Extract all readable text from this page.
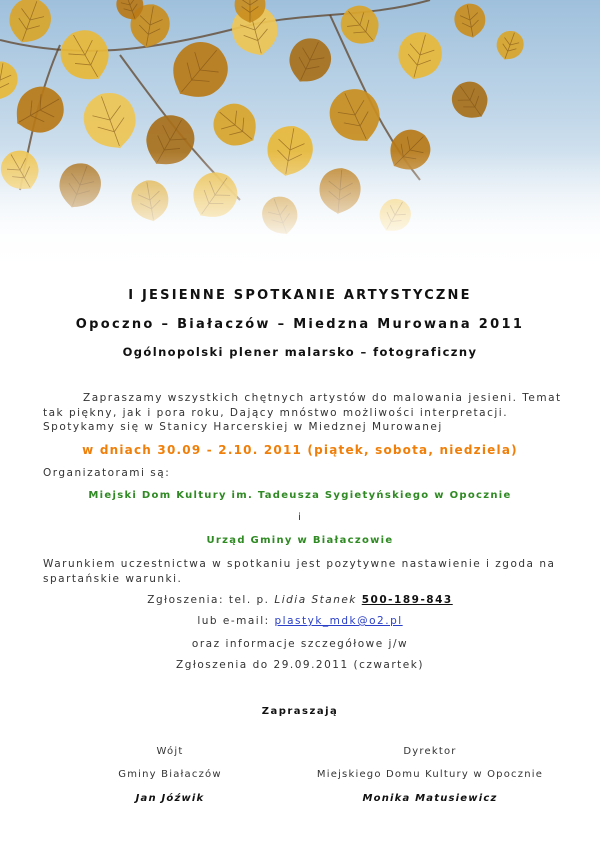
I JESIENNE SPOTKANIE ARTYSTYCZNE
Opoczno – Białaczów – Miedzna Murowana 2011
Ogólnopolski plener malarsko – fotograficzny
Zapraszamy wszystkich chętnych artystów do malowania jesieni. Temat
tak piękny, jak i pora roku, Dający mnóstwo możliwości interpretacji.
Spotykamy się w Stanicy Harcerskiej w Miedznej Murowanej
w dniach 30.09 - 2.10. 2011 (piątek, sobota, niedziela)
Organizatorami są:
Miejski Dom Kultury im. Tadeusza Sygietyńskiego w Opocznie
i
Urząd Gminy w Białaczowie
Warunkiem uczestnictwa w spotkaniu jest pozytywne nastawienie i zgoda na
spartańskie warunki.
Zgłoszenia: tel. p. Lidia Stanek 500-189-843
lub e-mail: plastyk_mdk@o2.pl
oraz informacje szczegółowe j/w
Zgłoszenia do 29.09.2011 (czwartek)
Zapraszają
Wójt
Gminy Białaczów
Jan Jóźwik
Dyrektor
Miejskiego Domu Kultury w Opocznie
Monika Matusiewicz
